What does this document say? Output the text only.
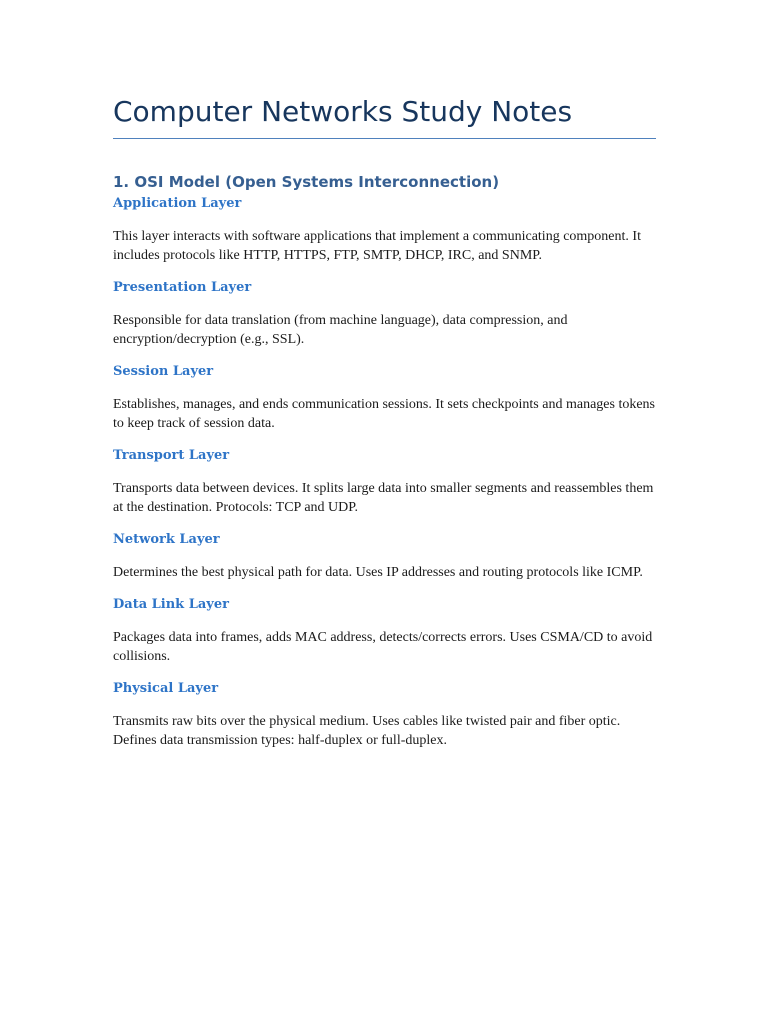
Computer Networks Study Notes
1. OSI Model (Open Systems Interconnection)
Application Layer

This layer interacts with software applications that implement a communicating component. It includes protocols like HTTP, HTTPS, FTP, SMTP, DHCP, IRC, and SNMP.

Presentation Layer

Responsible for data translation (from machine language), data compression, and encryption/decryption (e.g., SSL).

Session Layer

Establishes, manages, and ends communication sessions. It sets checkpoints and manages tokens to keep track of session data.

Transport Layer

Transports data between devices. It splits large data into smaller segments and reassembles them at the destination. Protocols: TCP and UDP.

Network Layer

Determines the best physical path for data. Uses IP addresses and routing protocols like ICMP.

Data Link Layer

Packages data into frames, adds MAC address, detects/corrects errors. Uses CSMA/CD to avoid collisions.

Physical Layer

Transmits raw bits over the physical medium. Uses cables like twisted pair and fiber optic. Defines data transmission types: half-duplex or full-duplex.
